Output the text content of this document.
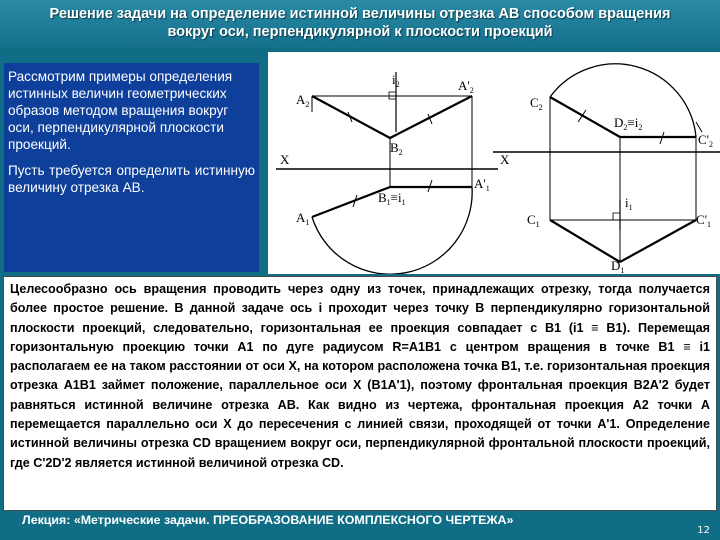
Решение задачи на определение истинной величины отрезка АВ способом вращения
вокруг оси, перпендикулярной к плоскости проекций

Рассмотрим примеры определения истинных величин геометрических образов методом вращения вокруг оси, перпендикулярной плоскости проекций.

Пусть требуется определить истинную величину отрезка AB.

X
$A_2$
$i_2$	$A'_2$
$B_2$
$B_1\equiv i_1$
$A'_1$
$A_1$
X
$C_2$
$D_2\equiv i_2$
$C'_2$
$i_1$
$C_1$	$C'_1$
$D_1$
Целесообразно ось вращения проводить через одну из точек, принадлежащих отрезку, тогда получается более простое решение. В данной задаче ось i проходит через точку B перпендикулярно горизонтальной плоскости проекций, следовательно, горизонтальная ее проекция совпадает с B1 (i1 ≡ B1). Перемещая горизонтальную проекцию точки A1 по дуге радиусом R=A1B1 с центром вращения в точке B1 ≡ i1 располагаем ее на таком расстоянии от оси X, на котором расположена точка B1, т.е. горизонтальная проекция отрезка A1B1 займет положение, параллельное оси X (B1A'1), поэтому фронтальная проекция B2A'2 будет равняться истинной величине отрезка AB. Как видно из чертежа, фронтальная проекция A2 точки A перемещается параллельно оси X до пересечения с линией связи, проходящей от точки A'1. Определение истинной величины отрезка CD вращением вокруг оси, перпендикулярной фронтальной плоскости проекций, где C'2D'2 является истинной величиной отрезка CD.
Лекция: «Метрические задачи. ПРЕОБРАЗОВАНИЕ КОМПЛЕКСНОГО ЧЕРТЕЖА»
12
